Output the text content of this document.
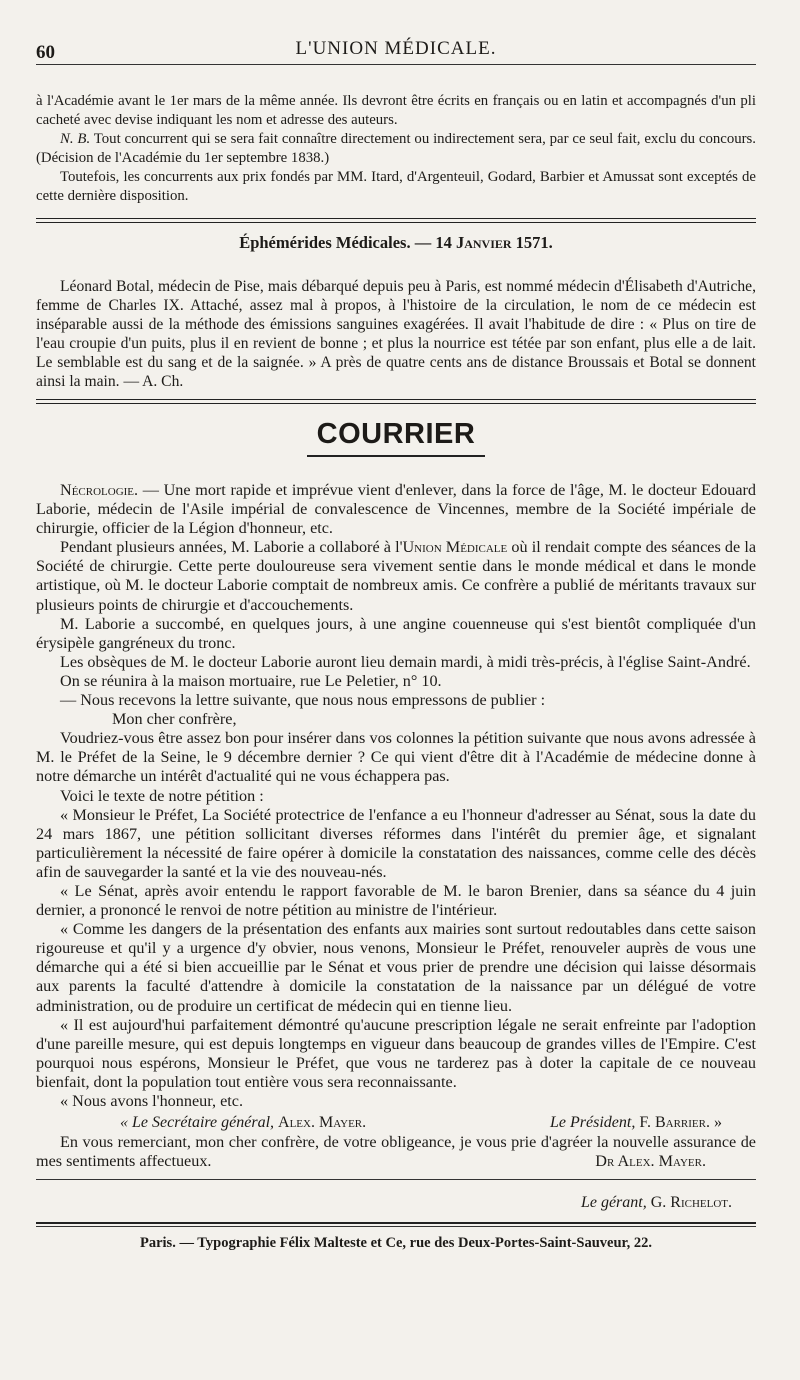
60	L'UNION MÉDICALE.

à l'Académie avant le 1er mars de la même année. Ils devront être écrits en français ou en latin et accompagnés d'un pli cacheté avec devise indiquant les nom et adresse des auteurs.

N. B. Tout concurrent qui se sera fait connaître directement ou indirectement sera, par ce seul fait, exclu du concours. (Décision de l'Académie du 1er septembre 1838.)

Toutefois, les concurrents aux prix fondés par MM. Itard, d'Argenteuil, Godard, Barbier et Amussat sont exceptés de cette dernière disposition.

Éphémérides Médicales. — 14 Janvier 1571.

Léonard Botal, médecin de Pise, mais débarqué depuis peu à Paris, est nommé médecin d'Élisabeth d'Autriche, femme de Charles IX. Attaché, assez mal à propos, à l'histoire de la circulation, le nom de ce médecin est inséparable aussi de la méthode des émissions sanguines exagérées. Il avait l'habitude de dire : « Plus on tire de l'eau croupie d'un puits, plus il en revient de bonne ; et plus la nourrice est tétée par son enfant, plus elle a de lait. Le semblable est du sang et de la saignée. » A près de quatre cents ans de distance Broussais et Botal se donnent ainsi la main. — A. Ch.

COURRIER

Nécrologie. — Une mort rapide et imprévue vient d'enlever, dans la force de l'âge, M. le docteur Edouard Laborie, médecin de l'Asile impérial de convalescence de Vincennes, membre de la Société impériale de chirurgie, officier de la Légion d'honneur, etc.

Pendant plusieurs années, M. Laborie a collaboré à l'Union Médicale où il rendait compte des séances de la Société de chirurgie. Cette perte douloureuse sera vivement sentie dans le monde médical et dans le monde artistique, où M. le docteur Laborie comptait de nombreux amis. Ce confrère a publié de méritants travaux sur plusieurs points de chirurgie et d'accouchements.

M. Laborie a succombé, en quelques jours, à une angine couenneuse qui s'est bientôt compliquée d'un érysipèle gangréneux du tronc.

Les obsèques de M. le docteur Laborie auront lieu demain mardi, à midi très-précis, à l'église Saint-André.

On se réunira à la maison mortuaire, rue Le Peletier, n° 10.

— Nous recevons la lettre suivante, que nous nous empressons de publier :

Mon cher confrère,

Voudriez-vous être assez bon pour insérer dans vos colonnes la pétition suivante que nous avons adressée à M. le Préfet de la Seine, le 9 décembre dernier ? Ce qui vient d'être dit à l'Académie de médecine donne à notre démarche un intérêt d'actualité qui ne vous échappera pas.

Voici le texte de notre pétition :

« Monsieur le Préfet, La Société protectrice de l'enfance a eu l'honneur d'adresser au Sénat, sous la date du 24 mars 1867, une pétition sollicitant diverses réformes dans l'intérêt du premier âge, et signalant particulièrement la nécessité de faire opérer à domicile la constatation des naissances, comme celle des décès afin de sauvegarder la santé et la vie des nouveau-nés.

« Le Sénat, après avoir entendu le rapport favorable de M. le baron Brenier, dans sa séance du 4 juin dernier, a prononcé le renvoi de notre pétition au ministre de l'intérieur.

« Comme les dangers de la présentation des enfants aux mairies sont surtout redoutables dans cette saison rigoureuse et qu'il y a urgence d'y obvier, nous venons, Monsieur le Préfet, renouveler auprès de vous une démarche qui a été si bien accueillie par le Sénat et vous prier de prendre une décision qui laisse désormais aux parents la faculté d'attendre à domicile la constatation de la naissance par un délégué de votre administration, ou de produire un certificat de médecin qui en tienne lieu.

« Il est aujourd'hui parfaitement démontré qu'aucune prescription légale ne serait enfreinte par l'adoption d'une pareille mesure, qui est depuis longtemps en vigueur dans beaucoup de grandes villes de l'Empire. C'est pourquoi nous espérons, Monsieur le Préfet, que vous ne tarderez pas à doter la capitale de ce nouveau bienfait, dont la population tout entière vous sera reconnaissante.

« Nous avons l'honneur, etc.

« Le Secrétaire général, Alex. Mayer.	Le Président, F. Barrier. »

En vous remerciant, mon cher confrère, de votre obligeance, je vous prie d'agréer la nouvelle assurance de mes sentiments affectueux.	Dr Alex. Mayer.

Le gérant, G. Richelot.
Paris. — Typographie Félix Malteste et Ce, rue des Deux-Portes-Saint-Sauveur, 22.
